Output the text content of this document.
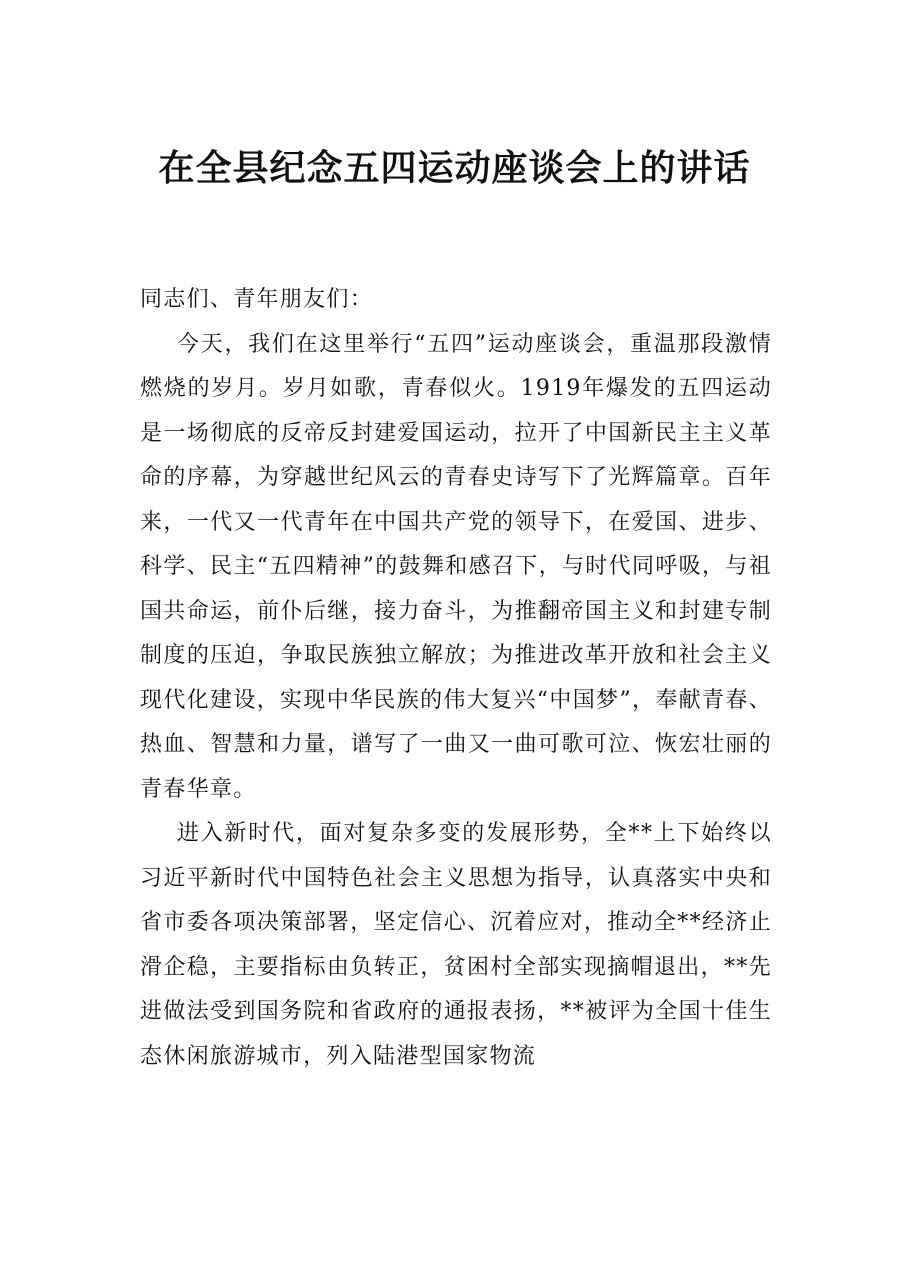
在全县纪念五四运动座谈会上的讲话

同志们、青年朋友们：

今天，我们在这里举行“五四”运动座谈会，重温那段激情燃烧的岁月。岁月如歌，青春似火。1919年爆发的五四运动是一场彻底的反帝反封建爱国运动，拉开了中国新民主主义革命的序幕，为穿越世纪风云的青春史诗写下了光辉篇章。百年来，一代又一代青年在中国共产党的领导下，在爱国、进步、科学、民主“五四精神”的鼓舞和感召下，与时代同呼吸，与祖国共命运，前仆后继，接力奋斗，为推翻帝国主义和封建专制制度的压迫，争取民族独立解放；为推进改革开放和社会主义现代化建设，实现中华民族的伟大复兴“中国梦”，奉献青春、热血、智慧和力量，谱写了一曲又一曲可歌可泣、恢宏壮丽的青春华章。

进入新时代，面对复杂多变的发展形势，全**上下始终以习近平新时代中国特色社会主义思想为指导，认真落实中央和省市委各项决策部署，坚定信心、沉着应对，推动全**经济止滑企稳，主要指标由负转正，贫困村全部实现摘帽退出，**先进做法受到国务院和省政府的通报表扬，**被评为全国十佳生态休闲旅游城市，列入陆港型国家物流
